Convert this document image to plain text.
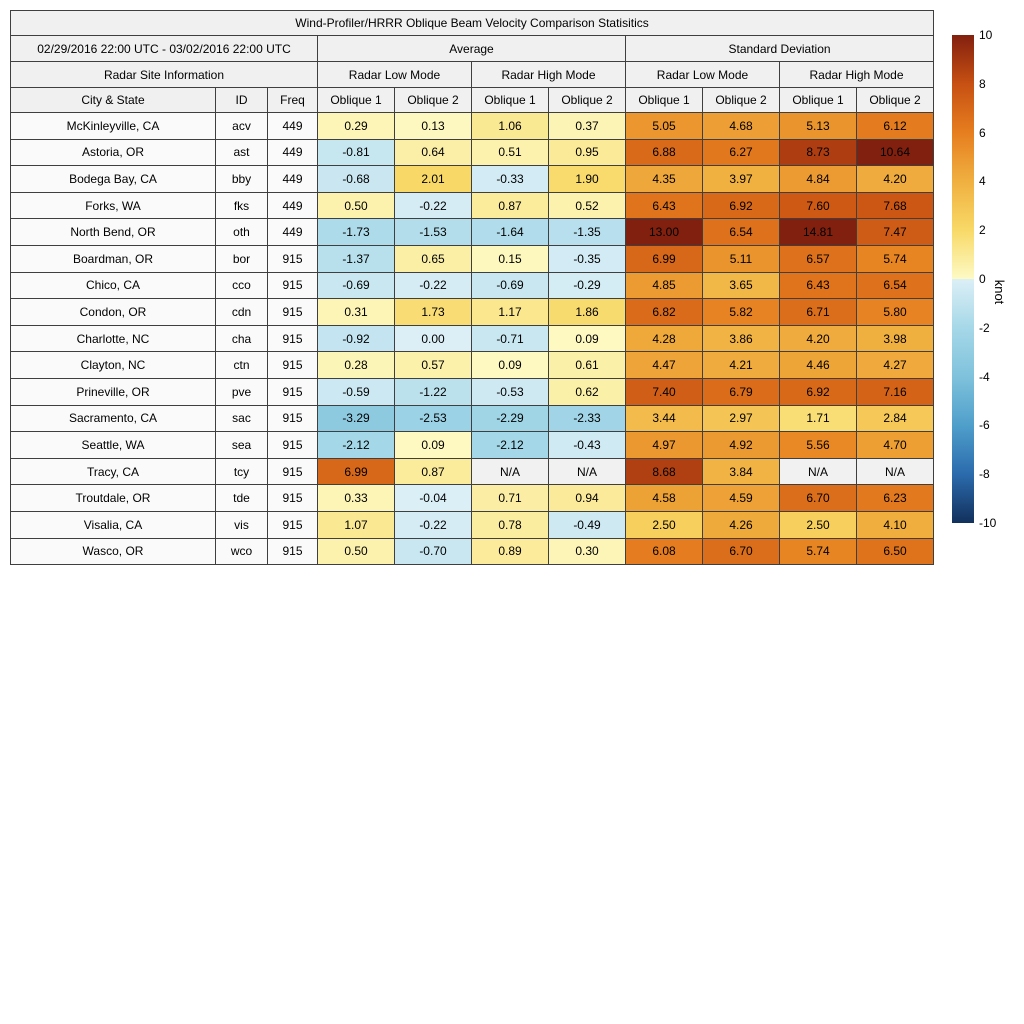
Wind-Profiler/HRRR Oblique Beam Velocity Comparison Statisitics										
02/29/2016 22:00 UTC - 03/02/2016 22:00 UTC			Average				Standard Deviation			
Radar Site Information			Radar Low Mode		Radar High Mode		Radar Low Mode		Radar High Mode	
City & State	ID	Freq	Oblique 1	Oblique 2	Oblique 1	Oblique 2	Oblique 1	Oblique 2	Oblique 1	Oblique 2
McKinleyville, CA	acv	449	0.29	0.13	1.06	0.37	5.05	4.68	5.13	6.12
Astoria, OR	ast	449	-0.81	0.64	0.51	0.95	6.88	6.27	8.73	10.64
Bodega Bay, CA	bby	449	-0.68	2.01	-0.33	1.90	4.35	3.97	4.84	4.20
Forks, WA	fks	449	0.50	-0.22	0.87	0.52	6.43	6.92	7.60	7.68
North Bend, OR	oth	449	-1.73	-1.53	-1.64	-1.35	13.00	6.54	14.81	7.47
Boardman, OR	bor	915	-1.37	0.65	0.15	-0.35	6.99	5.11	6.57	5.74
Chico, CA	cco	915	-0.69	-0.22	-0.69	-0.29	4.85	3.65	6.43	6.54
Condon, OR	cdn	915	0.31	1.73	1.17	1.86	6.82	5.82	6.71	5.80
Charlotte, NC	cha	915	-0.92	0.00	-0.71	0.09	4.28	3.86	4.20	3.98
Clayton, NC	ctn	915	0.28	0.57	0.09	0.61	4.47	4.21	4.46	4.27
Prineville, OR	pve	915	-0.59	-1.22	-0.53	0.62	7.40	6.79	6.92	7.16
Sacramento, CA	sac	915	-3.29	-2.53	-2.29	-2.33	3.44	2.97	1.71	2.84
Seattle, WA	sea	915	-2.12	0.09	-2.12	-0.43	4.97	4.92	5.56	4.70
Tracy, CA	tcy	915	6.99	0.87	N/A	N/A	8.68	3.84	N/A	N/A
Troutdale, OR	tde	915	0.33	-0.04	0.71	0.94	4.58	4.59	6.70	6.23
Visalia, CA	vis	915	1.07	-0.22	0.78	-0.49	2.50	4.26	2.50	4.10
Wasco, OR	wco	915	0.50	-0.70	0.89	0.30	6.08	6.70	5.74	6.50
10
8
6
4
2
0
-2
-4
-6
-8
-10
knot
